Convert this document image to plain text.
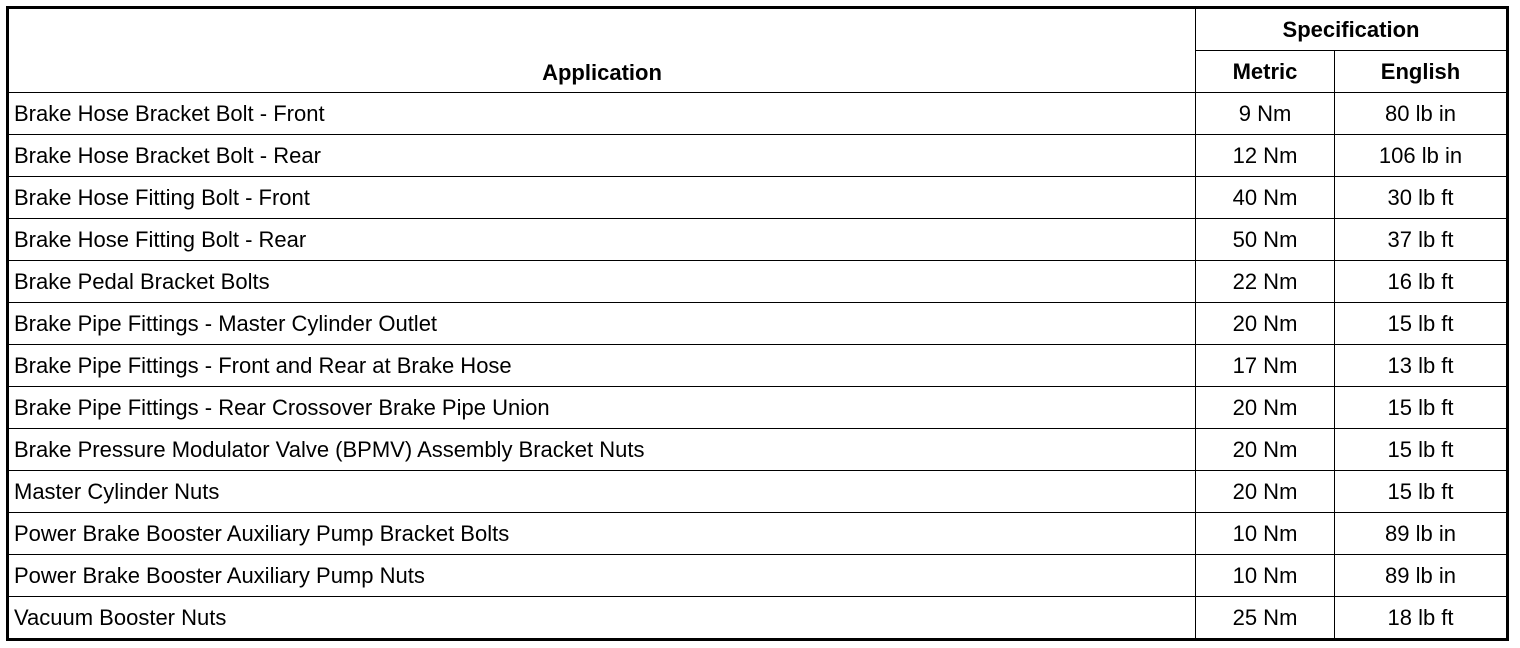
Application	Specification	
	Metric	English
Brake Hose Bracket Bolt - Front	9 Nm	80 lb in
Brake Hose Bracket Bolt - Rear	12 Nm	106 lb in
Brake Hose Fitting Bolt - Front	40 Nm	30 lb ft
Brake Hose Fitting Bolt - Rear	50 Nm	37 lb ft
Brake Pedal Bracket Bolts	22 Nm	16 lb ft
Brake Pipe Fittings - Master Cylinder Outlet	20 Nm	15 lb ft
Brake Pipe Fittings - Front and Rear at Brake Hose	17 Nm	13 lb ft
Brake Pipe Fittings - Rear Crossover Brake Pipe Union	20 Nm	15 lb ft
Brake Pressure Modulator Valve (BPMV) Assembly Bracket Nuts	20 Nm	15 lb ft
Master Cylinder Nuts	20 Nm	15 lb ft
Power Brake Booster Auxiliary Pump Bracket Bolts	10 Nm	89 lb in
Power Brake Booster Auxiliary Pump Nuts	10 Nm	89 lb in
Vacuum Booster Nuts	25 Nm	18 lb ft
